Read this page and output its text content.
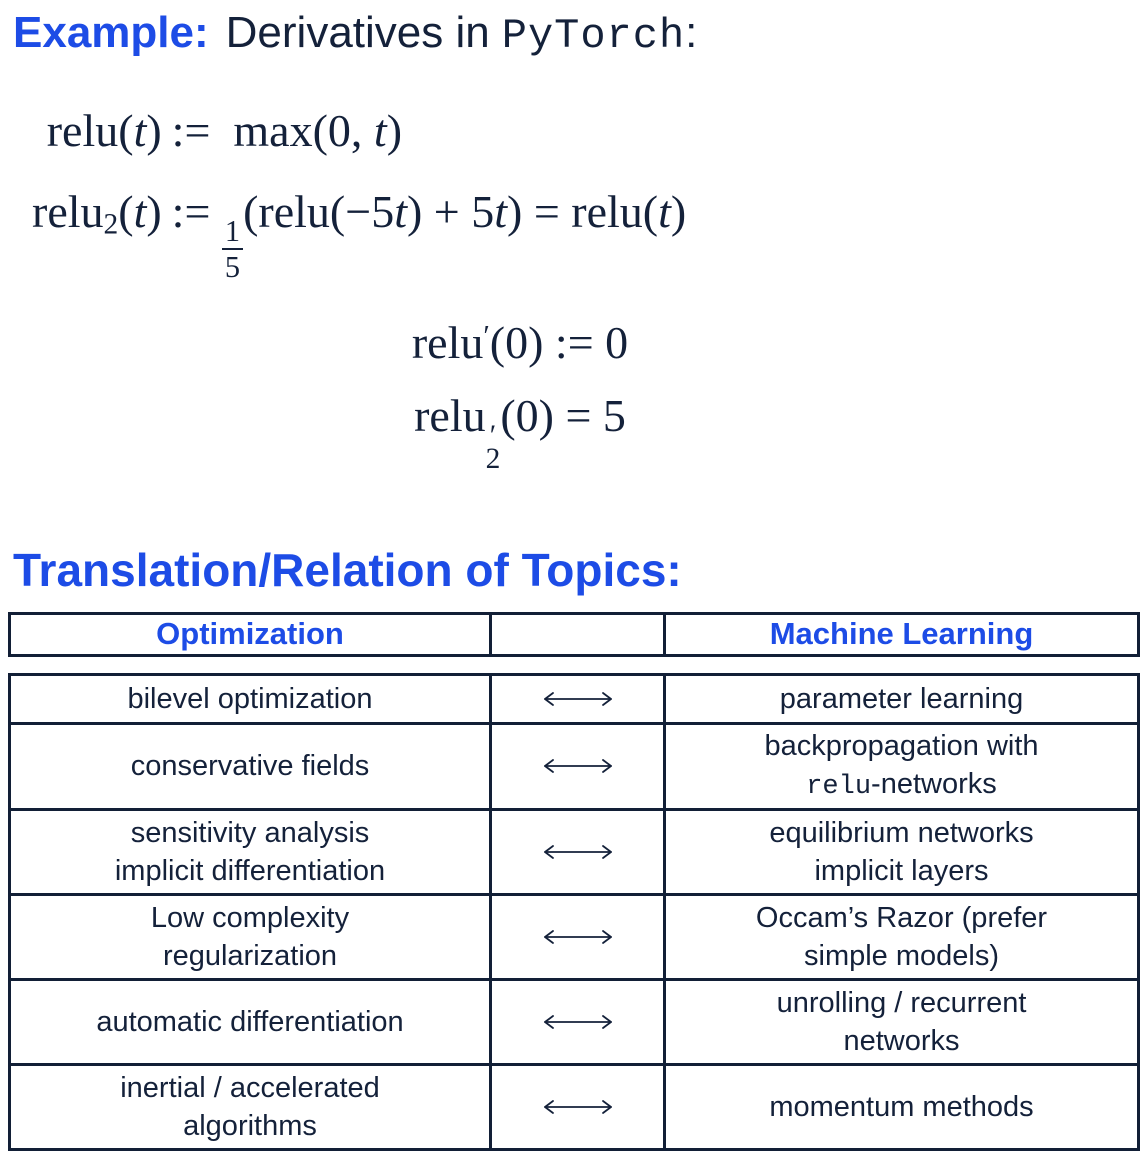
Example: Derivatives in PyTorch :
relu(t) :=  max(0, t)
relu$_2$(t) :=
$\frac{1}{5}$
(relu(−5t) + 5t) = relu(t)
relu′(0) := 0
relu ′
2
(0) = 5
Translation/Relation of Topics:
Optimization	Machine Learning
bilevel optimization	parameter learning
conservative fields
backpropagation with
relu-networks
sensitivity analysis
implicit differentiation
equilibrium networks
implicit layers
Low complexity
regularization
Occam’s Razor (prefer
simple models)
automatic differentiation
unrolling / recurrent
networks
inertial / accelerated
algorithms
momentum methods
